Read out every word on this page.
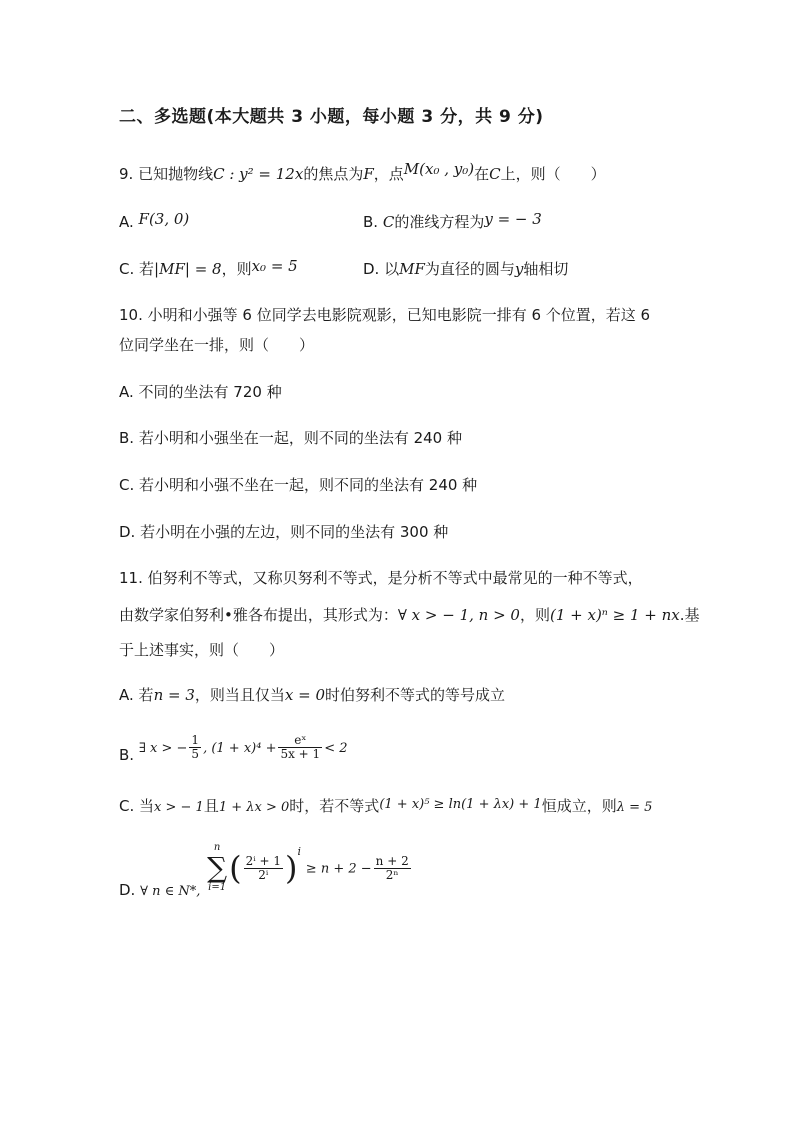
二、多选题(本大题共 3 小题，每小题 3 分，共 9 分)
9. 已知抛物线C : y² = 12x的焦点为F，点M(x₀ , y₀)在C上，则（　　）
A. F(3, 0)	B. C的准线方程为y = − 3
C. 若|MF| = 8，则x₀ = 5	D. 以MF为直径的圆与y轴相切
10. 小明和小强等 6 位同学去电影院观影，已知电影院一排有 6 个位置，若这 6
位同学坐在一排，则（　　）
A. 不同的坐法有 720 种
B. 若小明和小强坐在一起，则不同的坐法有 240 种
C. 若小明和小强不坐在一起，则不同的坐法有 240 种
D. 若小明在小强的左边，则不同的坐法有 300 种
11. 伯努利不等式，又称贝努利不等式，是分析不等式中最常见的一种不等式，
由数学家伯努利•雅各布提出，其形式为：∀ x > − 1, n > 0，则(1 + x)ⁿ ≥ 1 + nx.基
于上述事实，则（　　）
A. 若n = 3，则当且仅当x = 0时伯努利不等式的等号成立
B. ∃ x > − $\frac{1}{5}$ , $(1 + x)^4 + \frac{\text{eˣ}}{5x + 1} < 2$
C. 当x > − 1且1 + λx > 0时，若不等式(1 + x)⁵ ≥ ln(1 + λx) + 1恒成立，则λ = 5
D. ∀ n ∈ N*,
n
∑
i=1
( $\frac{\text{2ⁱ + 1}}{\text{2ⁱ}} )^i \ge n + 2 - \frac{n + 2}{\text{2ⁿ}}$
